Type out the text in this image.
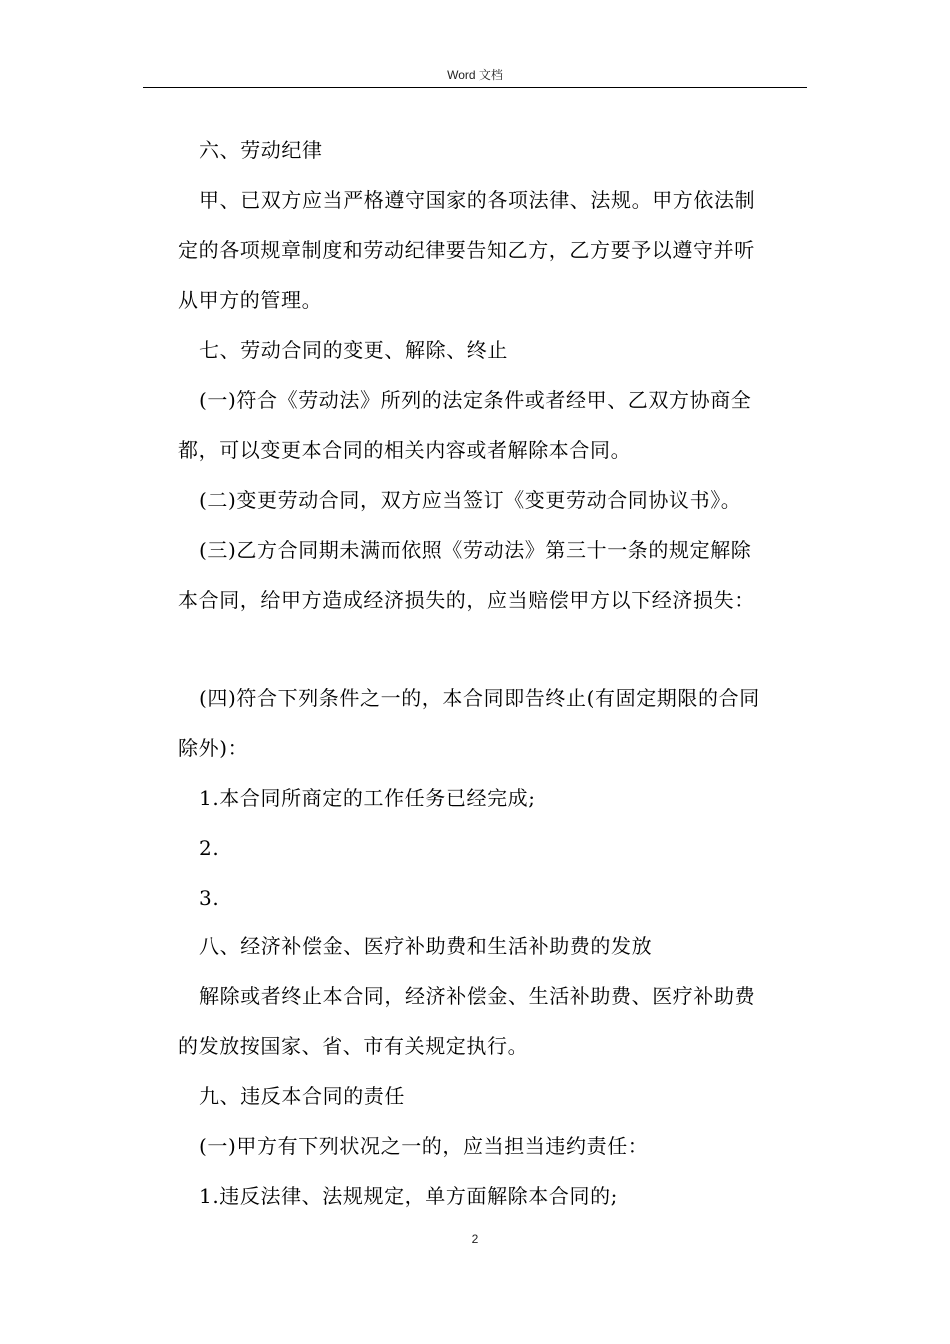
Word 文档
六、劳动纪律
甲、已双方应当严格遵守国家的各项法律、法规。甲方依法制
定的各项规章制度和劳动纪律要告知乙方，乙方要予以遵守并听
从甲方的管理。
七、劳动合同的变更、解除、终止
(一)符合《劳动法》所列的法定条件或者经甲、乙双方协商全
都，可以变更本合同的相关内容或者解除本合同。
(二)变更劳动合同，双方应当签订《变更劳动合同协议书》。
(三)乙方合同期未满而依照《劳动法》第三十一条的规定解除
本合同，给甲方造成经济损失的，应当赔偿甲方以下经济损失：
(四)符合下列条件之一的，本合同即告终止(有固定期限的合同
除外)：
1.本合同所商定的工作任务已经完成;
2.
3.
八、经济补偿金、医疗补助费和生活补助费的发放
解除或者终止本合同，经济补偿金、生活补助费、医疗补助费
的发放按国家、省、市有关规定执行。
九、违反本合同的责任
(一)甲方有下列状况之一的，应当担当违约责任：
1.违反法律、法规规定，单方面解除本合同的;
2
